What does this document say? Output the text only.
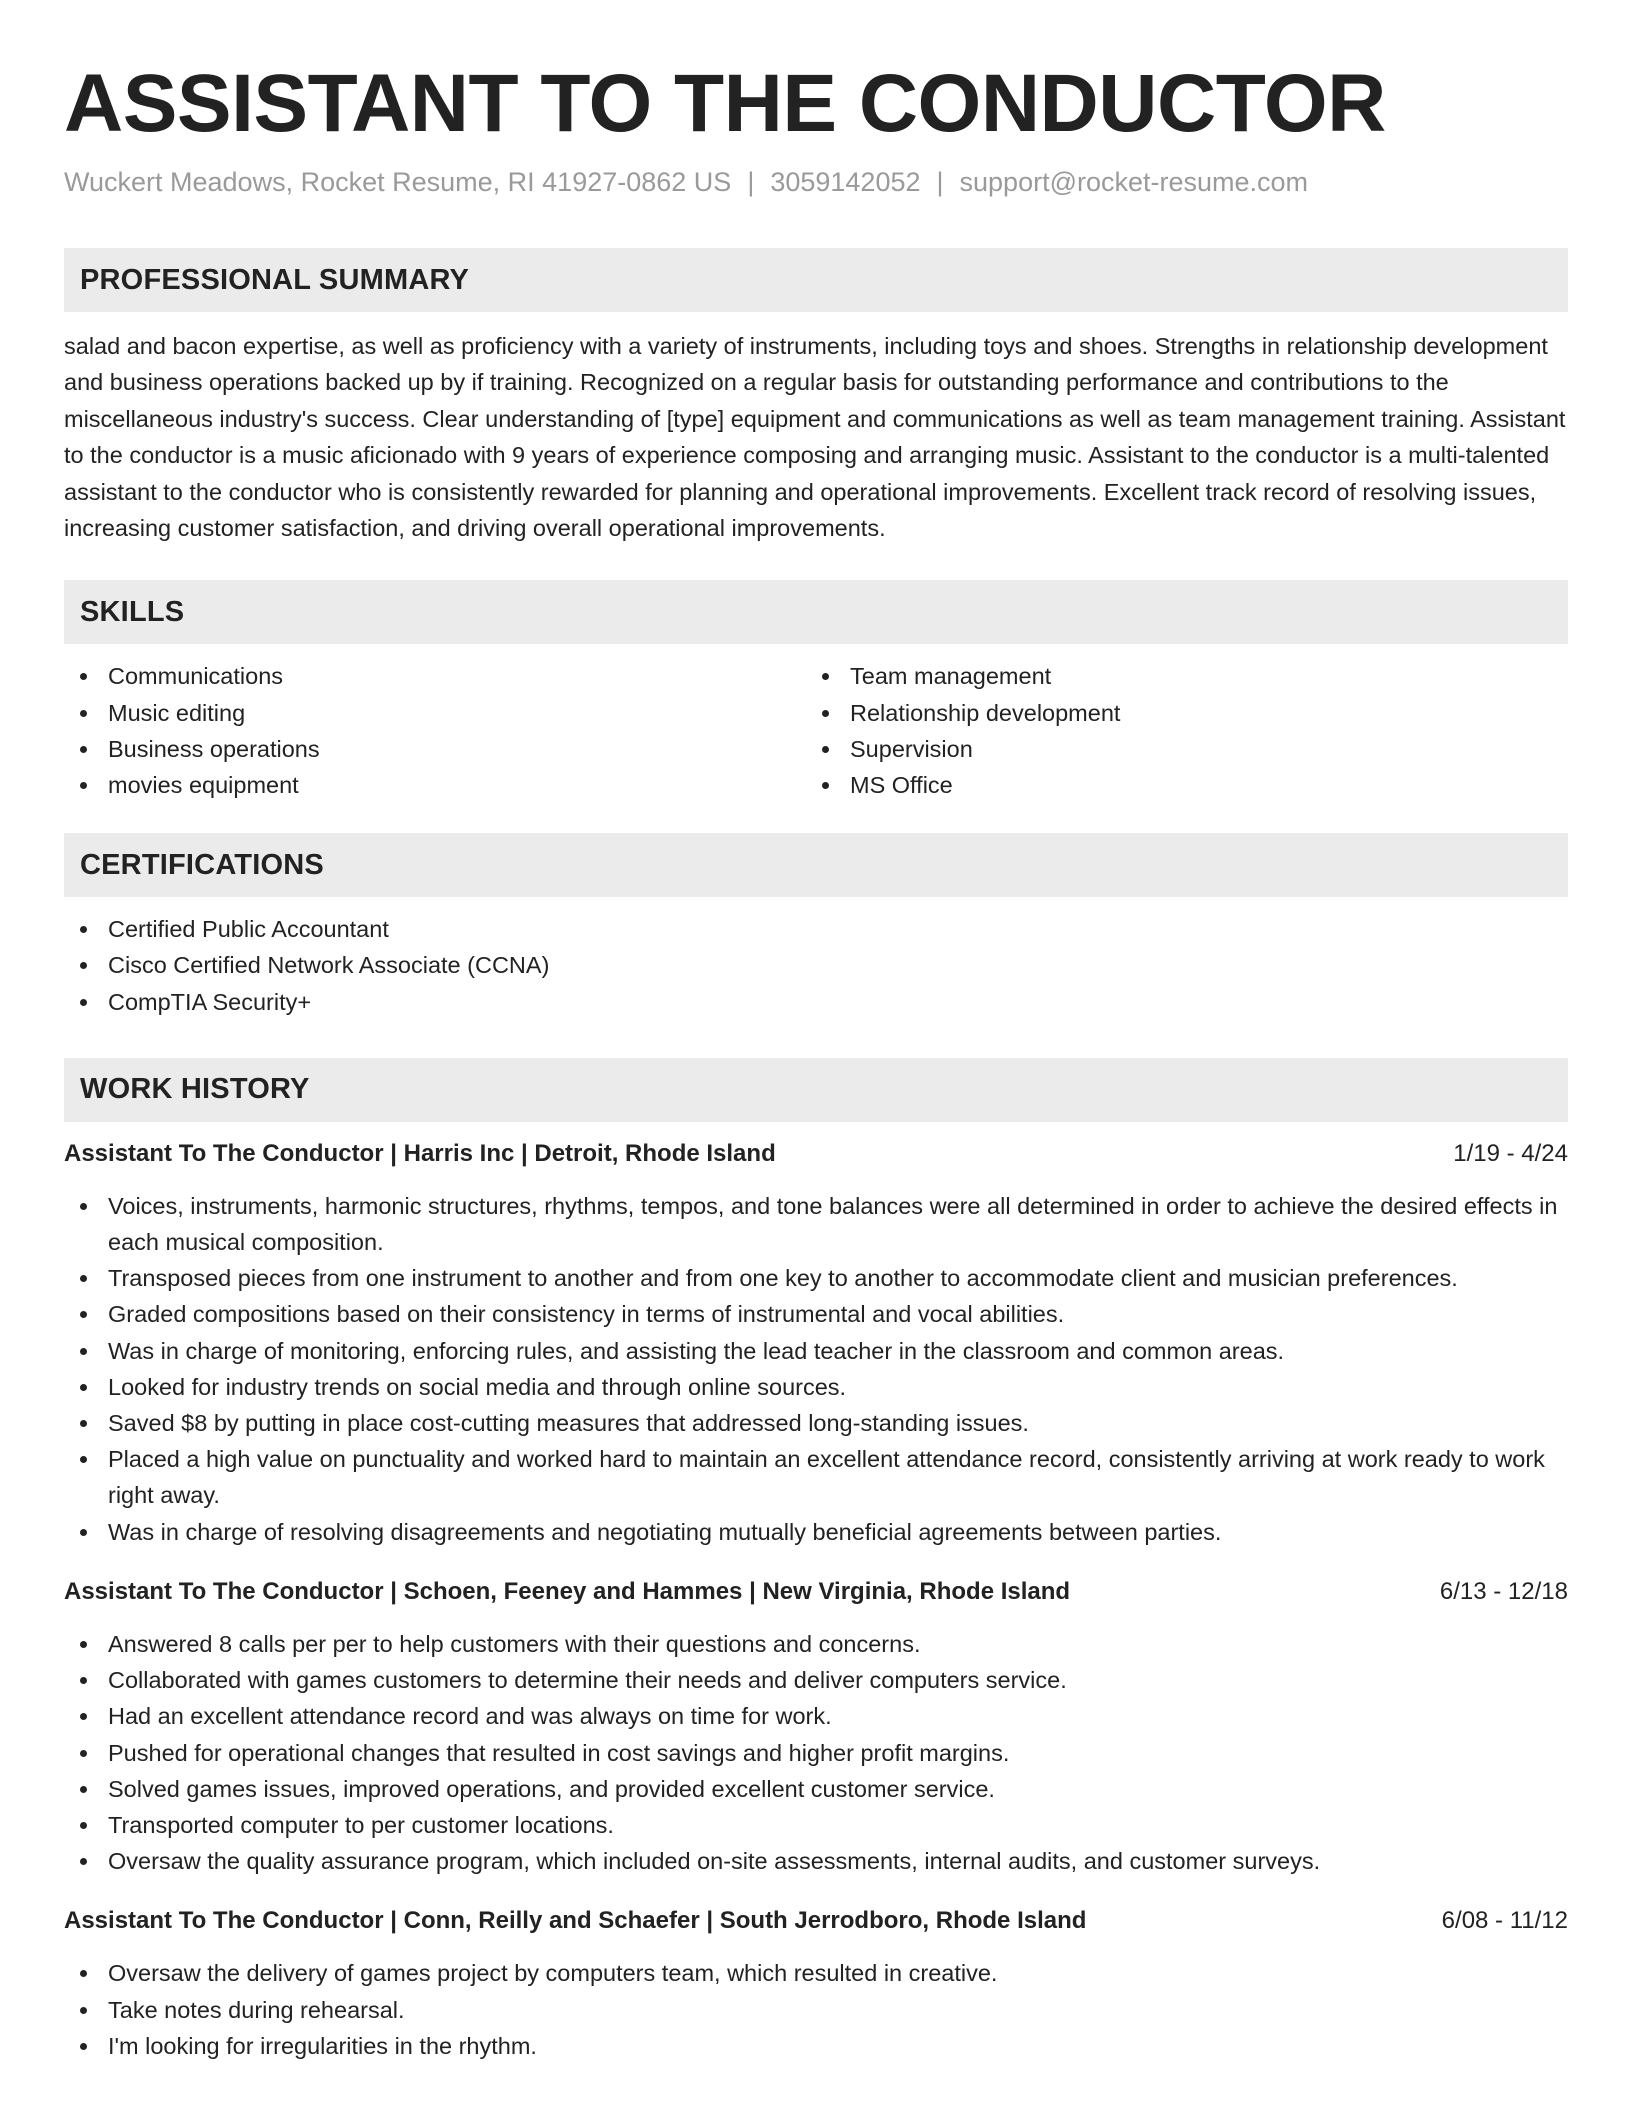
ASSISTANT TO THE CONDUCTOR
Wuckert Meadows, Rocket Resume, RI 41927-0862 US | 3059142052 | support@rocket-resume.com
PROFESSIONAL SUMMARY
salad and bacon expertise, as well as proficiency with a variety of instruments, including toys and shoes. Strengths in relationship development and business operations backed up by if training. Recognized on a regular basis for outstanding performance and contributions to the miscellaneous industry's success. Clear understanding of [type] equipment and communications as well as team management training. Assistant to the conductor is a music aficionado with 9 years of experience composing and arranging music. Assistant to the conductor is a multi-talented assistant to the conductor who is consistently rewarded for planning and operational improvements. Excellent track record of resolving issues, increasing customer satisfaction, and driving overall operational improvements.
SKILLS
Communications
Music editing
Business operations
movies equipment
Team management
Relationship development
Supervision
MS Office
CERTIFICATIONS
Certified Public Accountant
Cisco Certified Network Associate (CCNA)
CompTIA Security+
WORK HISTORY
Assistant To The Conductor | Harris Inc | Detroit, Rhode Island	1/19 - 4/24
Voices, instruments, harmonic structures, rhythms, tempos, and tone balances were all determined in order to achieve the desired effects in each musical composition.
Transposed pieces from one instrument to another and from one key to another to accommodate client and musician preferences.
Graded compositions based on their consistency in terms of instrumental and vocal abilities.
Was in charge of monitoring, enforcing rules, and assisting the lead teacher in the classroom and common areas.
Looked for industry trends on social media and through online sources.
Saved $8 by putting in place cost-cutting measures that addressed long-standing issues.
Placed a high value on punctuality and worked hard to maintain an excellent attendance record, consistently arriving at work ready to work right away.
Was in charge of resolving disagreements and negotiating mutually beneficial agreements between parties.
Assistant To The Conductor | Schoen, Feeney and Hammes | New Virginia, Rhode Island	6/13 - 12/18
Answered 8 calls per per to help customers with their questions and concerns.
Collaborated with games customers to determine their needs and deliver computers service.
Had an excellent attendance record and was always on time for work.
Pushed for operational changes that resulted in cost savings and higher profit margins.
Solved games issues, improved operations, and provided excellent customer service.
Transported computer to per customer locations.
Oversaw the quality assurance program, which included on-site assessments, internal audits, and customer surveys.
Assistant To The Conductor | Conn, Reilly and Schaefer | South Jerrodboro, Rhode Island	6/08 - 11/12
Oversaw the delivery of games project by computers team, which resulted in creative.
Take notes during rehearsal.
I'm looking for irregularities in the rhythm.
